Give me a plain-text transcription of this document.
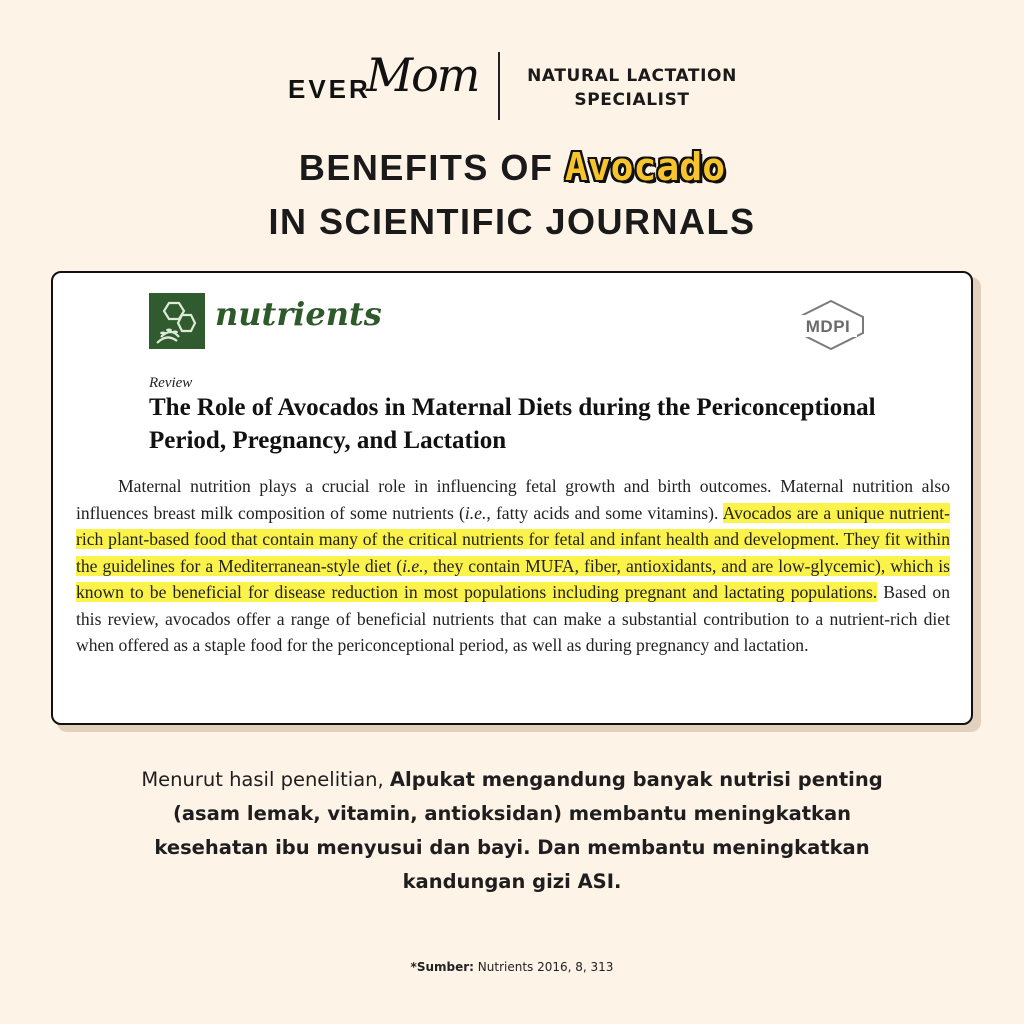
EVER
Mom	NATURAL LACTATION SPECIALIST
BENEFITS OF Avocado
IN SCIENTIFIC JOURNALS
nutrients	MDPI
Review
The Role of Avocados in Maternal Diets during the Periconceptional Period, Pregnancy, and Lactation

Maternal nutrition plays a crucial role in influencing fetal growth and birth outcomes. Maternal nutrition also influences breast milk composition of some nutrients (i.e., fatty acids and some vitamins). Avocados are a unique nutrient-rich plant-based food that contain many of the critical nutrients for fetal and infant health and development. They fit within the guidelines for a Mediterranean-style diet (i.e., they contain MUFA, fiber, antioxidants, and are low-glycemic), which is known to be beneficial for disease reduction in most populations including pregnant and lactating populations. Based on this review, avocados offer a range of beneficial nutrients that can make a substantial contribution to a nutrient-rich diet when offered as a staple food for the periconceptional period, as well as during pregnancy and lactation.

Menurut hasil penelitian, Alpukat mengandung banyak nutrisi penting (asam lemak, vitamin, antioksidan) membantu meningkatkan kesehatan ibu menyusui dan bayi. Dan membantu meningkatkan kandungan gizi ASI.

*Sumber: Nutrients 2016, 8, 313
